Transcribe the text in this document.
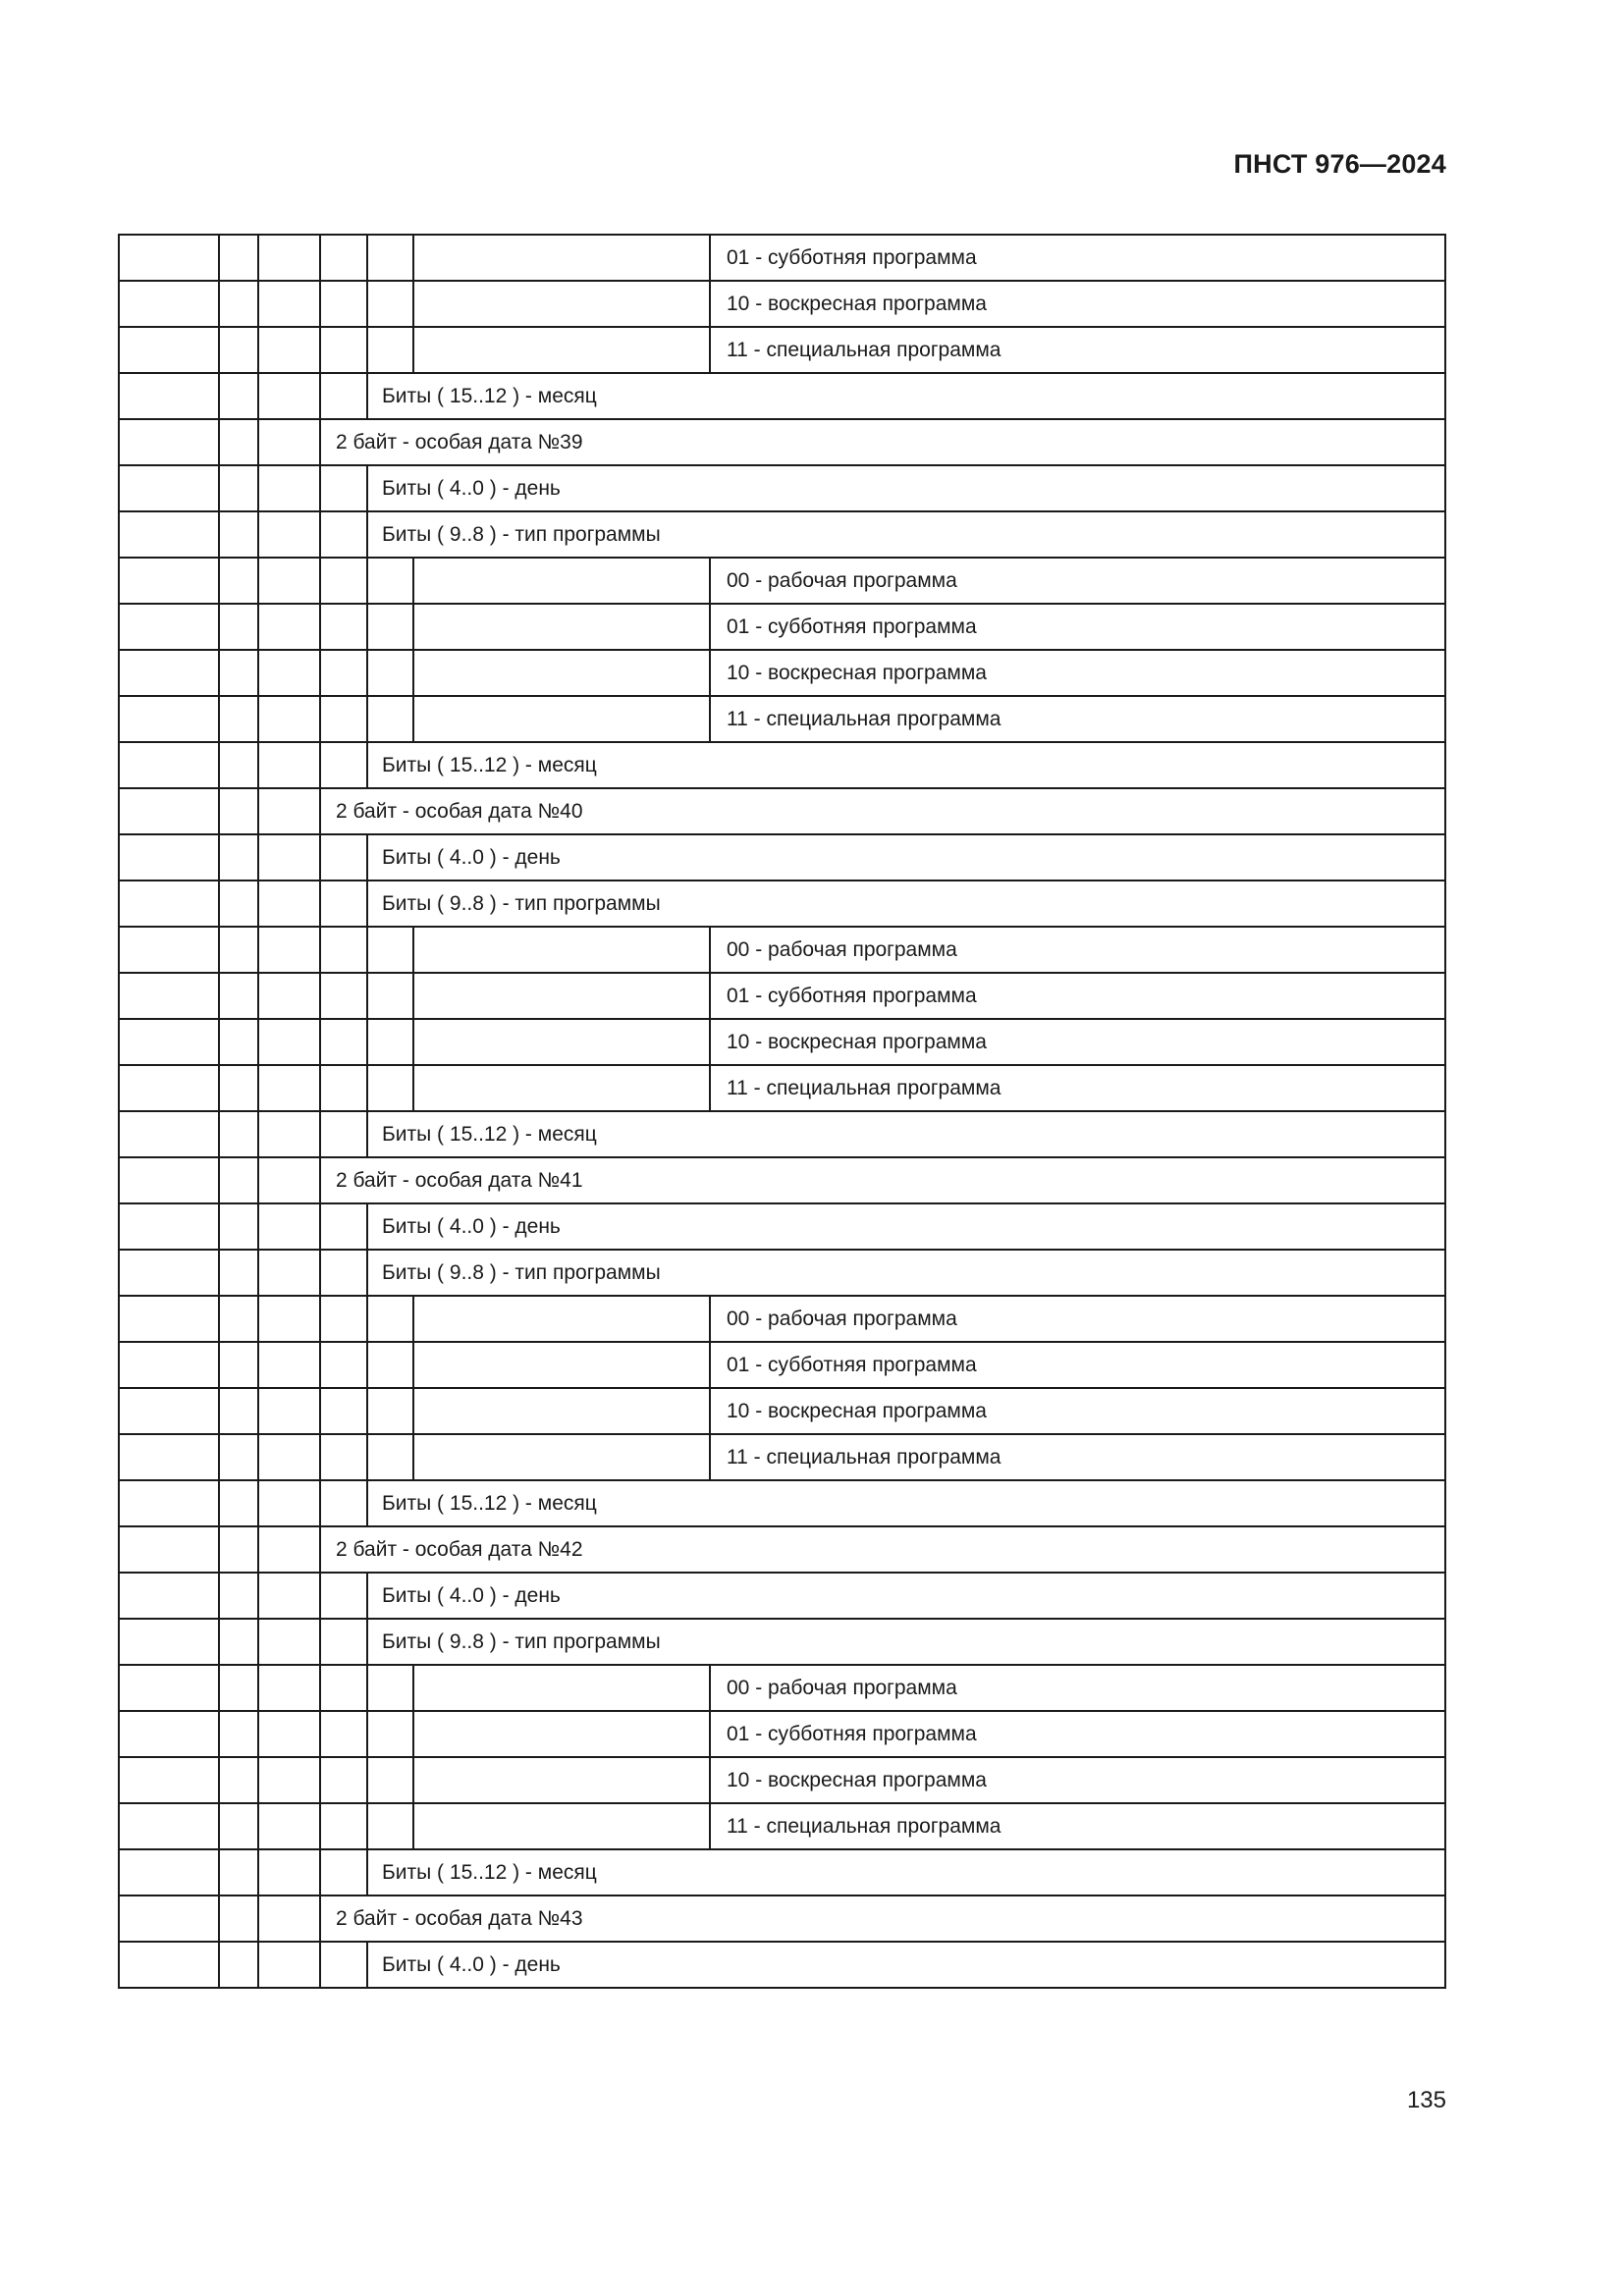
ПНСТ 976—2024
						01 - субботняя программа
						10 - воскресная программа
						11 - специальная программа
				Биты ( 15..12 ) - месяц		
			2 байт - особая дата №39			
				Биты ( 4..0 ) - день		
				Биты ( 9..8 ) - тип программы		
						00 - рабочая программа
						01 - субботняя программа
						10 - воскресная программа
						11 - специальная программа
				Биты ( 15..12 ) - месяц		
			2 байт - особая дата №40			
				Биты ( 4..0 ) - день		
				Биты ( 9..8 ) - тип программы		
						00 - рабочая программа
						01 - субботняя программа
						10 - воскресная программа
						11 - специальная программа
				Биты ( 15..12 ) - месяц		
			2 байт - особая дата №41			
				Биты ( 4..0 ) - день		
				Биты ( 9..8 ) - тип программы		
						00 - рабочая программа
						01 - субботняя программа
						10 - воскресная программа
						11 - специальная программа
				Биты ( 15..12 ) - месяц		
			2 байт - особая дата №42			
				Биты ( 4..0 ) - день		
				Биты ( 9..8 ) - тип программы		
						00 - рабочая программа
						01 - субботняя программа
						10 - воскресная программа
						11 - специальная программа
				Биты ( 15..12 ) - месяц		
			2 байт - особая дата №43			
				Биты ( 4..0 ) - день		
135
